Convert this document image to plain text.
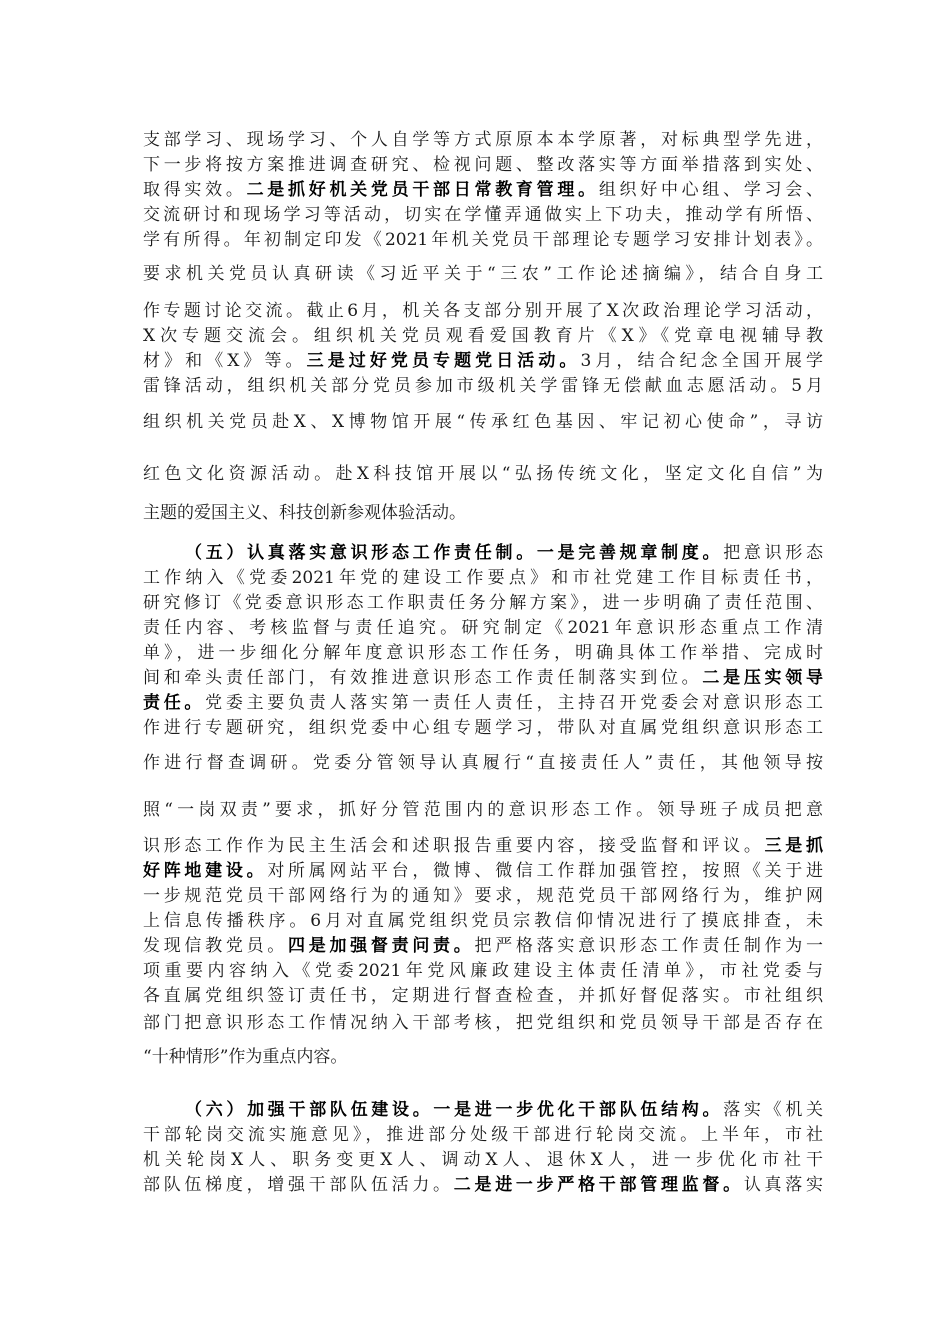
支部学习、现场学习、个人自学等方式原原本本学原著，对标典型学先进，
下一步将按方案推进调查研究、检视问题、整改落实等方面举措落到实处、
取得实效。二是抓好机关党员干部日常教育管理。组织好中心组、学习会、
交流研讨和现场学习等活动，切实在学懂弄通做实上下功夫，推动学有所悟、
学有所得。年初制定印发《2021年机关党员干部理论专题学习安排计划表》。
要求机关党员认真研读《习近平关于“三农”工作论述摘编》，结合自身工
作专题讨论交流。截止6月，机关各支部分别开展了X次政治理论学习活动，
X次专题交流会。组织机关党员观看爱国教育片《X》《党章电视辅导教
材》和《X》等。三是过好党员专题党日活动。3月，结合纪念全国开展学
雷锋活动，组织机关部分党员参加市级机关学雷锋无偿献血志愿活动。5月
组织机关党员赴X、X博物馆开展“传承红色基因、牢记初心使命”，寻访
红色文化资源活动。赴X科技馆开展以“弘扬传统文化，坚定文化自信”为
主题的爱国主义、科技创新参观体验活动。
（五）认真落实意识形态工作责任制。一是完善规章制度。把意识形态
工作纳入《党委2021年党的建设工作要点》和市社党建工作目标责任书，
研究修订《党委意识形态工作职责任务分解方案》，进一步明确了责任范围、
责任内容、考核监督与责任追究。研究制定《2021年意识形态重点工作清
单》，进一步细化分解年度意识形态工作任务，明确具体工作举措、完成时
间和牵头责任部门，有效推进意识形态工作责任制落实到位。二是压实领导
责任。党委主要负责人落实第一责任人责任，主持召开党委会对意识形态工
作进行专题研究，组织党委中心组专题学习，带队对直属党组织意识形态工
作进行督查调研。党委分管领导认真履行“直接责任人”责任，其他领导按
照“一岗双责”要求，抓好分管范围内的意识形态工作。领导班子成员把意
识形态工作作为民主生活会和述职报告重要内容，接受监督和评议。三是抓
好阵地建设。对所属网站平台，微博、微信工作群加强管控，按照《关于进
一步规范党员干部网络行为的通知》要求，规范党员干部网络行为，维护网
上信息传播秩序。6月对直属党组织党员宗教信仰情况进行了摸底排查，未
发现信教党员。四是加强督责问责。把严格落实意识形态工作责任制作为一
项重要内容纳入《党委2021年党风廉政建设主体责任清单》，市社党委与
各直属党组织签订责任书，定期进行督查检查，并抓好督促落实。市社组织
部门把意识形态工作情况纳入干部考核，把党组织和党员领导干部是否存在
“十种情形”作为重点内容。
（六）加强干部队伍建设。一是进一步优化干部队伍结构。落实《机关
干部轮岗交流实施意见》，推进部分处级干部进行轮岗交流。上半年，市社
机关轮岗X人、职务变更X人、调动X人、退休X人，进一步优化市社干
部队伍梯度，增强干部队伍活力。二是进一步严格干部管理监督。认真落实
